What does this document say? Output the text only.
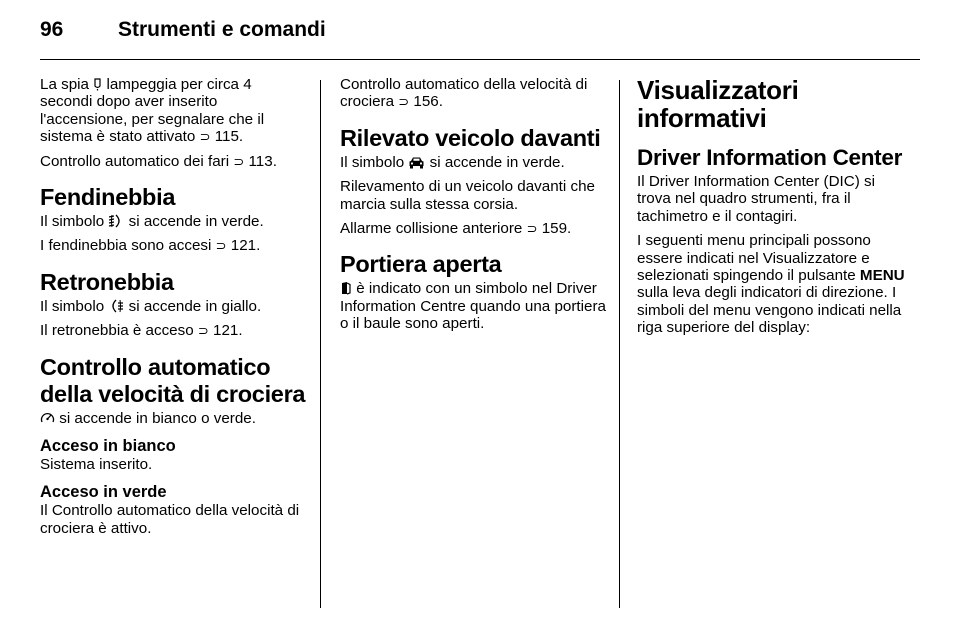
96	Strumenti e comandi

La spia lampeggia per circa 4 secondi dopo aver inserito l'accensione, per segnalare che il sistema è stato attivato ⊃ 115.

Controllo automatico dei fari ⊃ 113.

Fendinebbia

Il simbolo si accende in verde.

I fendinebbia sono accesi ⊃ 121.

Retronebbia

Il simbolo si accende in giallo.

Il retronebbia è acceso ⊃ 121.

Controllo automatico della velocità di crociera

si accende in bianco o verde.

Acceso in bianco

Sistema inserito.

Acceso in verde

Il Controllo automatico della velocità di crociera è attivo.

Controllo automatico della velocità di crociera ⊃ 156.

Rilevato veicolo davanti

Il simbolo si accende in verde.

Rilevamento di un veicolo davanti che marcia sulla stessa corsia.

Allarme collisione anteriore ⊃ 159.

Portiera aperta

è indicato con un simbolo nel Driver Information Centre quando una portiera o il baule sono aperti.

Visualizzatori informativi
Driver Information Center

Il Driver Information Center (DIC) si trova nel quadro strumenti, fra il tachimetro e il contagiri.

I seguenti menu principali possono essere indicati nel Visualizzatore e selezionati spingendo il pulsante MENU sulla leva degli indicatori di direzione. I simboli del menu vengono indicati nella riga superiore del display:
